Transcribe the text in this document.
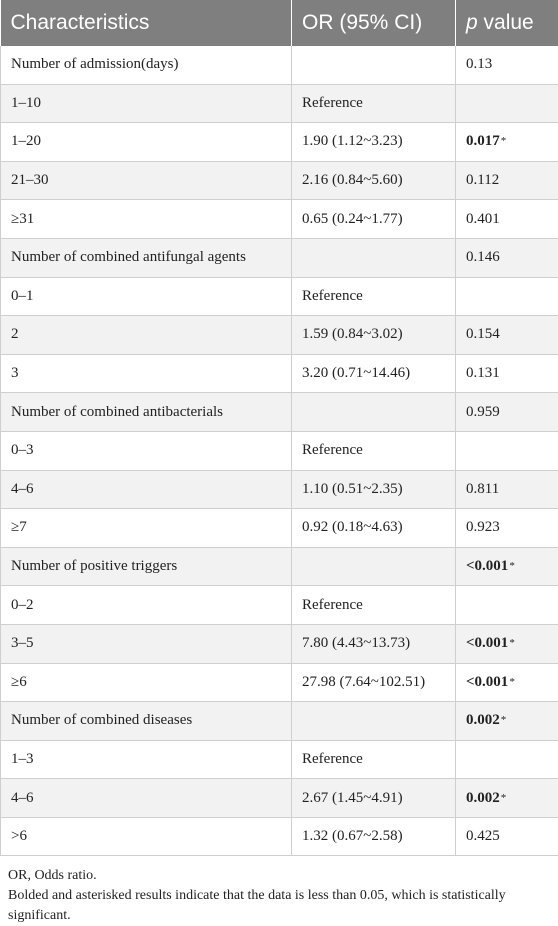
Characteristics	OR (95% CI)	p value
Number of admission(days)		0.13
1–10	Reference	
1–20	1.90 (1.12~3.23)	0.017*
21–30	2.16 (0.84~5.60)	0.112
≥31	0.65 (0.24~1.77)	0.401
Number of combined antifungal agents		0.146
0–1	Reference	
2	1.59 (0.84~3.02)	0.154
3	3.20 (0.71~14.46)	0.131
Number of combined antibacterials		0.959
0–3	Reference	
4–6	1.10 (0.51~2.35)	0.811
≥7	0.92 (0.18~4.63)	0.923
Number of positive triggers		<0.001*
0–2	Reference	
3–5	7.80 (4.43~13.73)	<0.001*
≥6	27.98 (7.64~102.51)	<0.001*
Number of combined diseases		0.002*
1–3	Reference	
4–6	2.67 (1.45~4.91)	0.002*
>6	1.32 (0.67~2.58)	0.425
OR, Odds ratio.
Bolded and asterisked results indicate that the data is less than 0.05, which is statistically significant.
